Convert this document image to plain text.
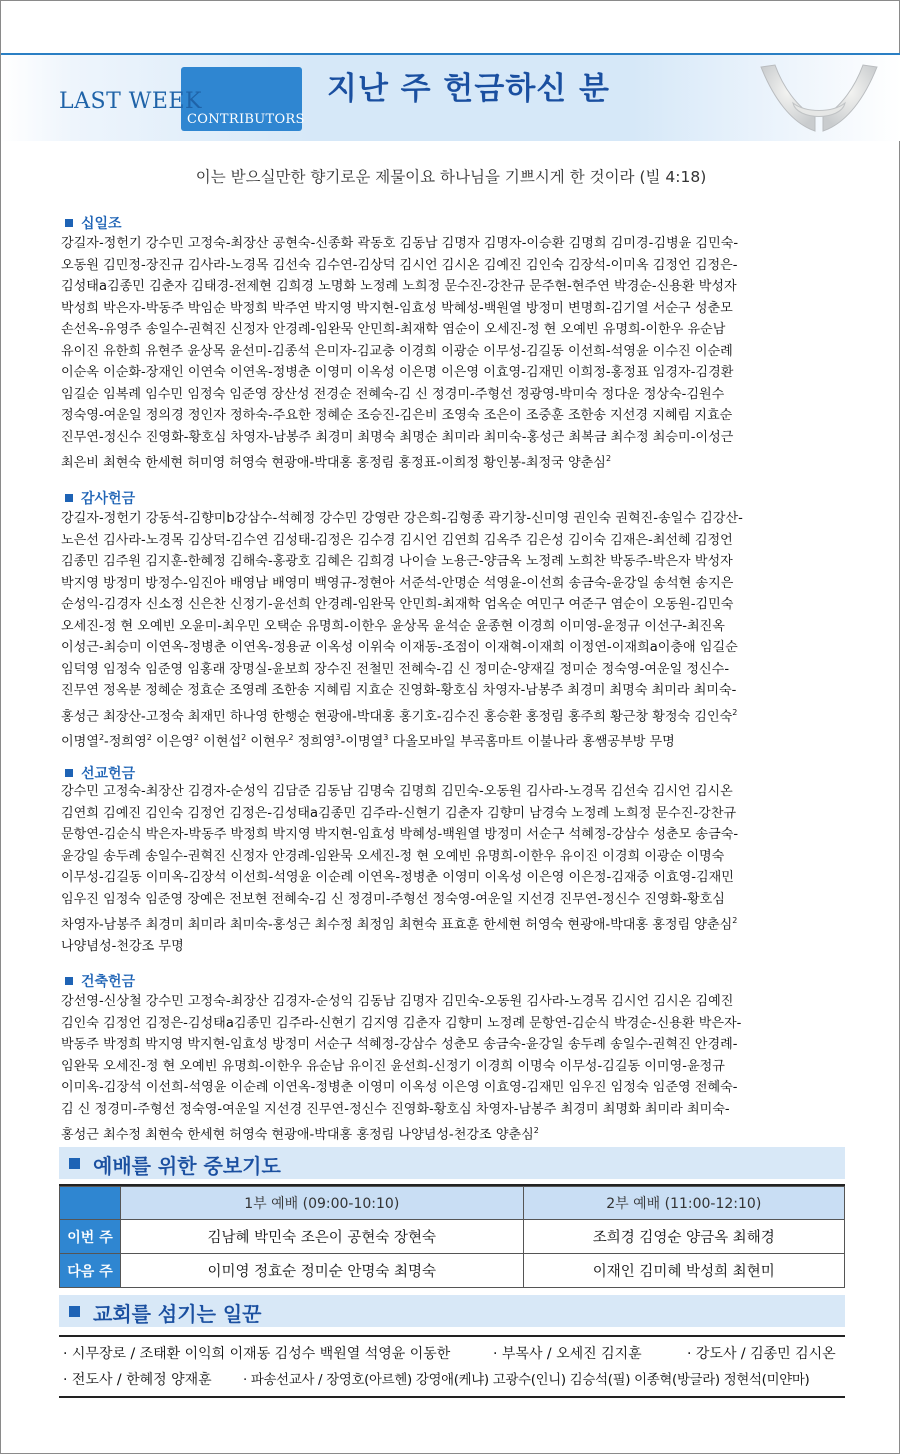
LAST WEEK
CONTRIBUTORS
지난 주 헌금하신 분
이는 받으실만한 향기로운 제물이요 하나님을 기쁘시게 한 것이라 (빌 4:18)
십일조
강길자-정헌기 강수민 고정숙-최장산 공현숙-신종화 곽동호 김동남 김명자 김명자-이승환 김명희 김미경-김병윤 김민숙-
오동원 김민정-장진규 김사라-노경목 김선숙 김수연-김상덕 김시언 김시온 김예진 김인숙 김장석-이미옥 김정언 김정은-
김성태a김종민 김춘자 김태경-전제현 김희경 노명화 노정례 노희정 문수진-강찬규 문주현-현주연 박경순-신용환 박성자
박성희 박은자-박동주 박임순 박정희 박주연 박지영 박지현-임효성 박혜성-백원열 방정미 변명희-김기열 서순구 성춘모
손선옥-유영주 송일수-권혁진 신정자 안경례-임완묵 안민희-최재학 염순이 오세진-정 현 오예빈 유명희-이한우 유순남
유이진 유한희 유현주 윤상목 윤선미-김종석 은미자-김교충 이경희 이광순 이무성-김길동 이선희-석영윤 이수진 이순례
이순옥 이순화-장재인 이연숙 이연옥-정병춘 이영미 이옥성 이은명 이은영 이효영-김재민 이희정-홍정표 임경자-김경환
임길순 임복례 임수민 임정숙 임준영 장산성 전경순 전혜숙-김 신 정경미-주형선 정광영-박미숙 정다운 정상숙-김원수
정숙영-여운일 정의경 정인자 정하숙-주요한 정혜순 조승진-김은비 조영숙 조은이 조중훈 조한송 지선경 지혜림 지효순
진무연-정신수 진영화-황호심 차영자-남봉주 최경미 최명숙 최명순 최미라 최미숙-홍성근 최복금 최수정 최승미-이성근
최은비 최현숙 한세현 허미영 허영숙 현광애-박대홍 홍정림 홍정표-이희정 황인봉-최정국 양춘심$^2$
감사헌금
강길자-정헌기 강동석-김향미b강삼수-석혜정 강수민 강영란 강은희-김형종 곽기창-신미영 권인숙 권혁진-송일수 김강산-
노은선 김사라-노경목 김상덕-김수연 김성태-김정은 김수경 김시언 김연희 김옥주 김은성 김이숙 김재은-최선혜 김정언
김종민 김주원 김지훈-한혜정 김해숙-홍광호 김혜은 김희경 나이슬 노용근-양금옥 노정례 노희찬 박동주-박은자 박성자
박지영 방정미 방정수-임진아 배영남 배영미 백영규-정현아 서준석-안명순 석영윤-이선희 송금숙-윤강일 송석현 송지은
순성익-김경자 신소정 신은찬 신정기-윤선희 안경례-임완묵 안민희-최재학 엄옥순 여민구 여준구 염순이 오동원-김민숙
오세진-정 현 오예빈 오윤미-최우민 오택순 유명희-이한우 윤상목 윤석순 윤종현 이경희 이미영-윤정규 이선구-최진옥
이성근-최승미 이연옥-정병춘 이연옥-정용균 이옥성 이위숙 이재동-조점이 이재혁-이재희 이정연-이재희a이충애 임길순
임덕영 임정숙 임준영 임홍래 장명실-윤보희 장수진 전철민 전혜숙-김 신 정미순-양재길 정미순 정숙영-여운일 정신수-
진무연 정옥분 정혜순 정효순 조영례 조한송 지혜림 지효순 진영화-황호심 차영자-남봉주 최경미 최명숙 최미라 최미숙-
홍성근 최장산-고정숙 최재민 하나영 한행순 현광애-박대홍 홍기호-김수진 홍승환 홍정림 홍주희 황근창 황정숙 김인숙$^2$
이명열$^2$-정희영$^2$ 이은영$^2$ 이현섭$^2$ 이현우$^2$ 정희영$^3$-이명열$^3$ 다올모바일 부곡홈마트 이불나라 홍쌤공부방 무명
선교헌금
강수민 고정숙-최장산 김경자-순성익 김담준 김동남 김명숙 김명희 김민숙-오동원 김사라-노경목 김선숙 김시언 김시온
김연희 김예진 김인숙 김정언 김정은-김성태a김종민 김주라-신현기 김춘자 김향미 남경숙 노정례 노희정 문수진-강찬규
문항연-김순식 박은자-박동주 박정희 박지영 박지현-임효성 박혜성-백원열 방정미 서순구 석혜정-강삼수 성춘모 송금숙-
윤강일 송두례 송일수-권혁진 신정자 안경례-임완묵 오세진-정 현 오예빈 유명희-이한우 유이진 이경희 이광순 이명숙
이무성-김길동 이미옥-김장석 이선희-석영윤 이순례 이연옥-정병춘 이영미 이옥성 이은영 이은정-김재중 이효영-김재민
임우진 임정숙 임준영 장예은 전보현 전혜숙-김 신 정경미-주형선 정숙영-여운일 지선경 진무연-정신수 진영화-황호심
차영자-남봉주 최경미 최미라 최미숙-홍성근 최수정 최정임 최현숙 표효훈 한세현 허영숙 현광애-박대홍 홍정림 양춘심$^2$
나양념성-천강조 무명
건축헌금
강선영-신상철 강수민 고정숙-최장산 김경자-순성익 김동남 김명자 김민숙-오동원 김사라-노경목 김시언 김시온 김예진
김인숙 김정언 김정은-김성태a김종민 김주라-신현기 김지영 김춘자 김향미 노정례 문항연-김순식 박경순-신용환 박은자-
박동주 박정희 박지영 박지현-임효성 방정미 서순구 석혜정-강삼수 성춘모 송금숙-윤강일 송두례 송일수-권혁진 안경례-
임완묵 오세진-정 현 오예빈 유명희-이한우 유순남 유이진 윤선희-신정기 이경희 이명숙 이무성-김길동 이미영-윤정규
이미옥-김장석 이선희-석영윤 이순례 이연옥-정병춘 이영미 이옥성 이은영 이효영-김재민 임우진 임정숙 임준영 전혜숙-
김 신 정경미-주형선 정숙영-여운일 지선경 진무연-정신수 진영화-황호심 차영자-남봉주 최경미 최명화 최미라 최미숙-
홍성근 최수정 최현숙 한세현 허영숙 현광애-박대홍 홍정림 나양념성-천강조 양춘심$^2$
예배를 위한 중보기도
	1부 예배 (09:00-10:10)	2부 예배 (11:00-12:10)
이번 주	김남혜 박민숙 조은이 공현숙 장현숙	조희경 김영순 양금옥 최해경
다음 주	이미영 정효순 정미순 안명숙 최명숙	이재인 김미혜 박성희 최현미
교회를 섬기는 일꾼
· 시무장로 / 조태환 이익희 이재동 김성수 백원열 석영윤 이동한	· 부목사 / 오세진 김지훈	· 강도사 / 김종민 김시온
· 전도사 / 한혜정 양재훈 · 파송선교사 / 장영호(아르헨) 강영애(케냐) 고광수(인니) 김승석(필) 이종혁(방글라) 정현석(미얀마)
